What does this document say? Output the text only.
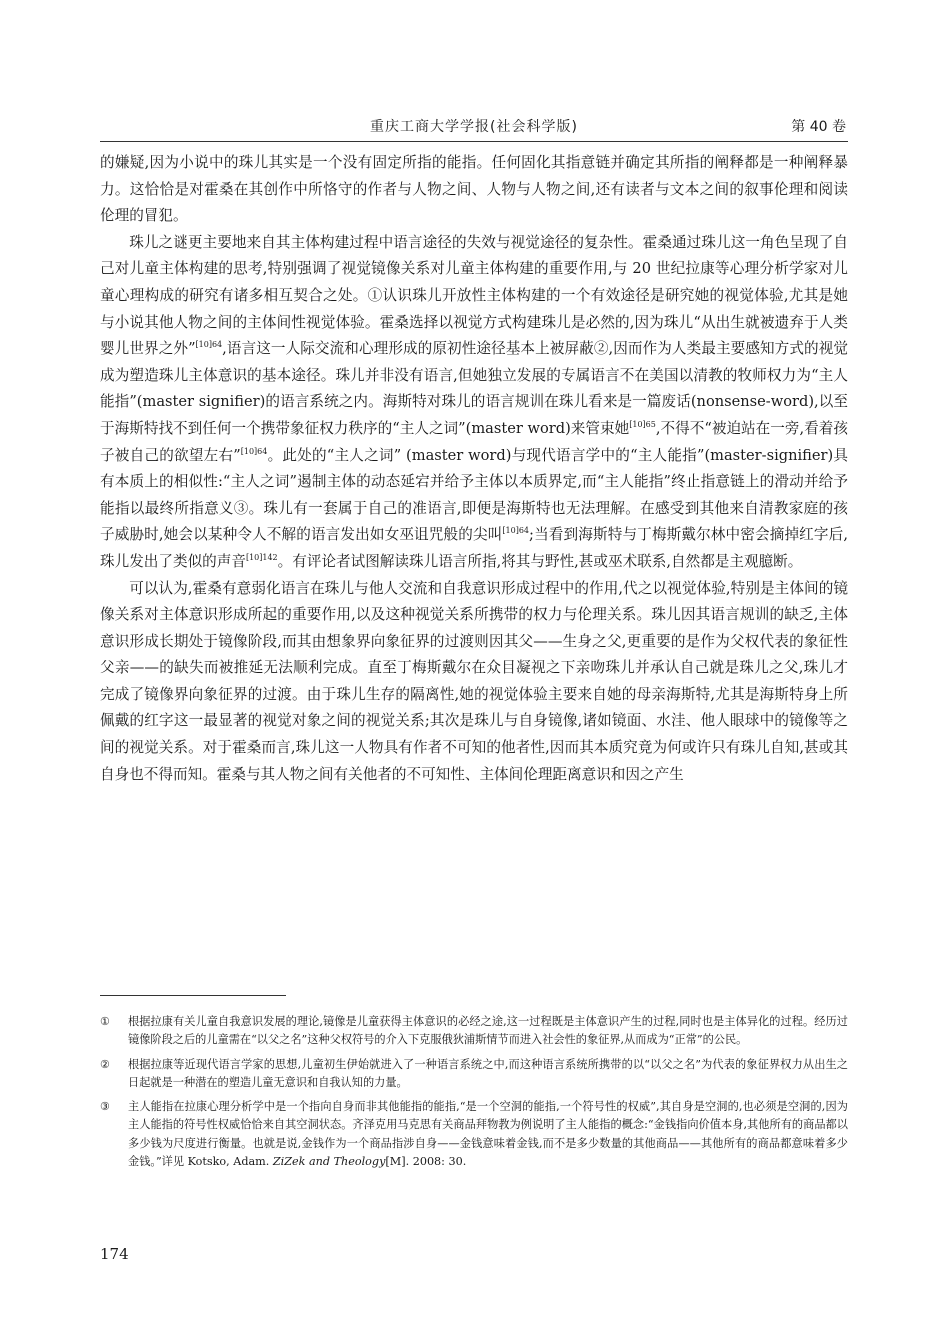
重庆工商大学学报(社会科学版)	第 40 卷

的嫌疑,因为小说中的珠儿其实是一个没有固定所指的能指。任何固化其指意链并确定其所指的阐释都是一种阐释暴力。这恰恰是对霍桑在其创作中所恪守的作者与人物之间、人物与人物之间,还有读者与文本之间的叙事伦理和阅读伦理的冒犯。

珠儿之谜更主要地来自其主体构建过程中语言途径的失效与视觉途径的复杂性。霍桑通过珠儿这一角色呈现了自己对儿童主体构建的思考,特别强调了视觉镜像关系对儿童主体构建的重要作用,与 20 世纪拉康等心理分析学家对儿童心理构成的研究有诸多相互契合之处。①认识珠儿开放性主体构建的一个有效途径是研究她的视觉体验,尤其是她与小说其他人物之间的主体间性视觉体验。霍桑选择以视觉方式构建珠儿是必然的,因为珠儿“从出生就被遗弃于人类婴儿世界之外”$^{[10]64}$,语言这一人际交流和心理形成的原初性途径基本上被屏蔽②,因而作为人类最主要感知方式的视觉成为塑造珠儿主体意识的基本途径。珠儿并非没有语言,但她独立发展的专属语言不在美国以清教的牧师权力为“主人能指”(master signifier)的语言系统之内。海斯特对珠儿的语言规训在珠儿看来是一篇废话(nonsense-word),以至于海斯特找不到任何一个携带象征权力秩序的“主人之词”(master word)来管束她$^{[10]65}$,不得不“被迫站在一旁,看着孩子被自己的欲望左右”$^{[10]64}$。此处的“主人之词” (master word)与现代语言学中的“主人能指”(master-signifier)具有本质上的相似性:“主人之词”遏制主体的动态延宕并给予主体以本质界定,而“主人能指”终止指意链上的滑动并给予能指以最终所指意义③。珠儿有一套属于自己的准语言,即便是海斯特也无法理解。在感受到其他来自清教家庭的孩子威胁时,她会以某种令人不解的语言发出如女巫诅咒般的尖叫$^{[10]64}$;当看到海斯特与丁梅斯戴尔林中密会摘掉红字后,珠儿发出了类似的声音$^{[10]142}$。有评论者试图解读珠儿语言所指,将其与野性,甚或巫术联系,自然都是主观臆断。

可以认为,霍桑有意弱化语言在珠儿与他人交流和自我意识形成过程中的作用,代之以视觉体验,特别是主体间的镜像关系对主体意识形成所起的重要作用,以及这种视觉关系所携带的权力与伦理关系。珠儿因其语言规训的缺乏,主体意识形成长期处于镜像阶段,而其由想象界向象征界的过渡则因其父——生身之父,更重要的是作为父权代表的象征性父亲——的缺失而被推延无法顺利完成。直至丁梅斯戴尔在众目凝视之下亲吻珠儿并承认自己就是珠儿之父,珠儿才完成了镜像界向象征界的过渡。由于珠儿生存的隔离性,她的视觉体验主要来自她的母亲海斯特,尤其是海斯特身上所佩戴的红字这一最显著的视觉对象之间的视觉关系;其次是珠儿与自身镜像,诸如镜面、水洼、他人眼球中的镜像等之间的视觉关系。对于霍桑而言,珠儿这一人物具有作者不可知的他者性,因而其本质究竟为何或许只有珠儿自知,甚或其自身也不得而知。霍桑与其人物之间有关他者的不可知性、主体间伦理距离意识和因之产生

① 根据拉康有关儿童自我意识发展的理论,镜像是儿童获得主体意识的必经之途,这一过程既是主体意识产生的过程,同时也是主体异化的过程。经历过镜像阶段之后的儿童需在“以父之名”这种父权符号的介入下克服俄狄浦斯情节而进入社会性的象征界,从而成为“正常”的公民。
② 根据拉康等近现代语言学家的思想,儿童初生伊始就进入了一种语言系统之中,而这种语言系统所携带的以“以父之名”为代表的象征界权力从出生之日起就是一种潜在的塑造儿童无意识和自我认知的力量。
③ 主人能指在拉康心理分析学中是一个指向自身而非其他能指的能指,“是一个空洞的能指,一个符号性的权威”,其自身是空洞的,也必须是空洞的,因为主人能指的符号性权威恰恰来自其空洞状态。齐泽克用马克思有关商品拜物教为例说明了主人能指的概念:“金钱指向价值本身,其他所有的商品都以多少钱为尺度进行衡量。也就是说,金钱作为一个商品指涉自身——金钱意味着金钱,而不是多少数量的其他商品——其他所有的商品都意味着多少金钱。”详见 Kotsko, Adam. ZiZek and Theology[M]. 2008: 30.
174
